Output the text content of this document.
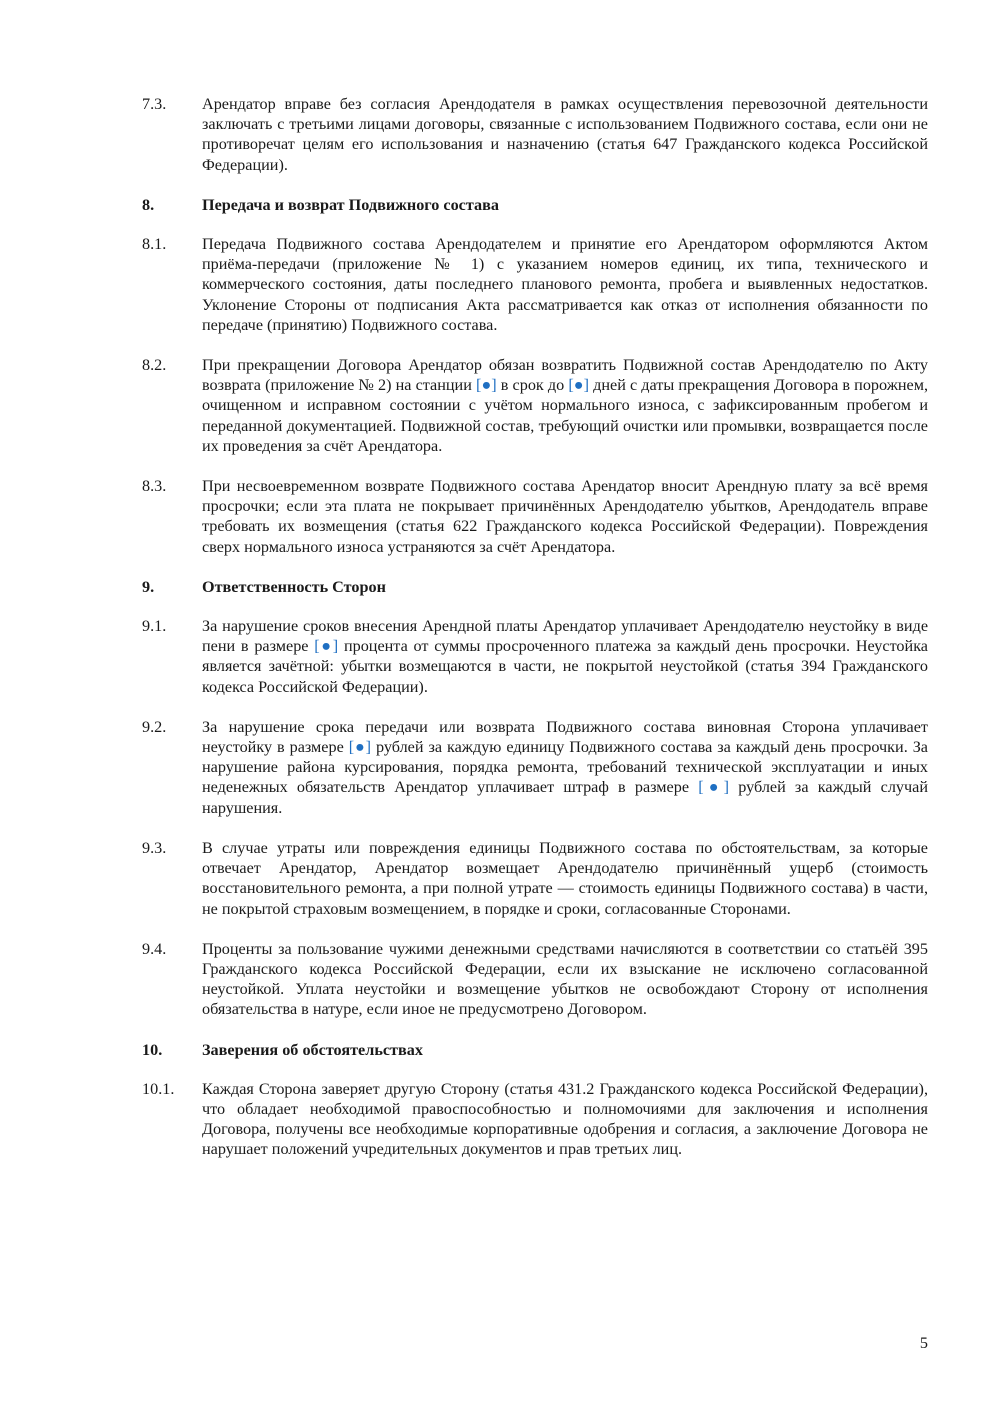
7.3.	Арендатор вправе без согласия Арендодателя в рамках осуществления перевозочной деятельности заключать с третьими лицами договоры, связанные с использованием Подвижного состава, если они не противоречат целям его использования и назначению (статья 647 Гражданского кодекса Российской Федерации).
8.	Передача и возврат Подвижного состава
8.1.	Передача Подвижного состава Арендодателем и принятие его Арендатором оформляются Актом приёма-передачи (приложение № 1) с указанием номеров единиц, их типа, технического и коммерческого состояния, даты последнего планового ремонта, пробега и выявленных недостатков. Уклонение Стороны от подписания Акта рассматривается как отказ от исполнения обязанности по передаче (принятию) Подвижного состава.
8.2.	При прекращении Договора Арендатор обязан возвратить Подвижной состав Арендодателю по Акту возврата (приложение № 2) на станции [●] в срок до [●] дней с даты прекращения Договора в порожнем, очищенном и исправном состоянии с учётом нормального износа, с зафиксированным пробегом и переданной документацией. Подвижной состав, требующий очистки или промывки, возвращается после их проведения за счёт Арендатора.
8.3.	При несвоевременном возврате Подвижного состава Арендатор вносит Арендную плату за всё время просрочки; если эта плата не покрывает причинённых Арендодателю убытков, Арендодатель вправе требовать их возмещения (статья 622 Гражданского кодекса Российской Федерации). Повреждения сверх нормального износа устраняются за счёт Арендатора.
9.	Ответственность Сторон
9.1.	За нарушение сроков внесения Арендной платы Арендатор уплачивает Арендодателю неустойку в виде пени в размере [●] процента от суммы просроченного платежа за каждый день просрочки. Неустойка является зачётной: убытки возмещаются в части, не покрытой неустойкой (статья 394 Гражданского кодекса Российской Федерации).
9.2.	За нарушение срока передачи или возврата Подвижного состава виновная Сторона уплачивает неустойку в размере [●] рублей за каждую единицу Подвижного состава за каждый день просрочки. За нарушение района курсирования, порядка ремонта, требований технической эксплуатации и иных неденежных обязательств Арендатор уплачивает штраф в размере [●] рублей за каждый случай нарушения.
9.3.	В случае утраты или повреждения единицы Подвижного состава по обстоятельствам, за которые отвечает Арендатор, Арендатор возмещает Арендодателю причинённый ущерб (стоимость восстановительного ремонта, а при полной утрате — стоимость единицы Подвижного состава) в части, не покрытой страховым возмещением, в порядке и сроки, согласованные Сторонами.
9.4.	Проценты за пользование чужими денежными средствами начисляются в соответствии со статьёй 395 Гражданского кодекса Российской Федерации, если их взыскание не исключено согласованной неустойкой. Уплата неустойки и возмещение убытков не освобождают Сторону от исполнения обязательства в натуре, если иное не предусмотрено Договором.
10.	Заверения об обстоятельствах
10.1.	Каждая Сторона заверяет другую Сторону (статья 431.2 Гражданского кодекса Российской Федерации), что обладает необходимой правоспособностью и полномочиями для заключения и исполнения Договора, получены все необходимые корпоративные одобрения и согласия, а заключение Договора не нарушает положений учредительных документов и прав третьих лиц.
5
